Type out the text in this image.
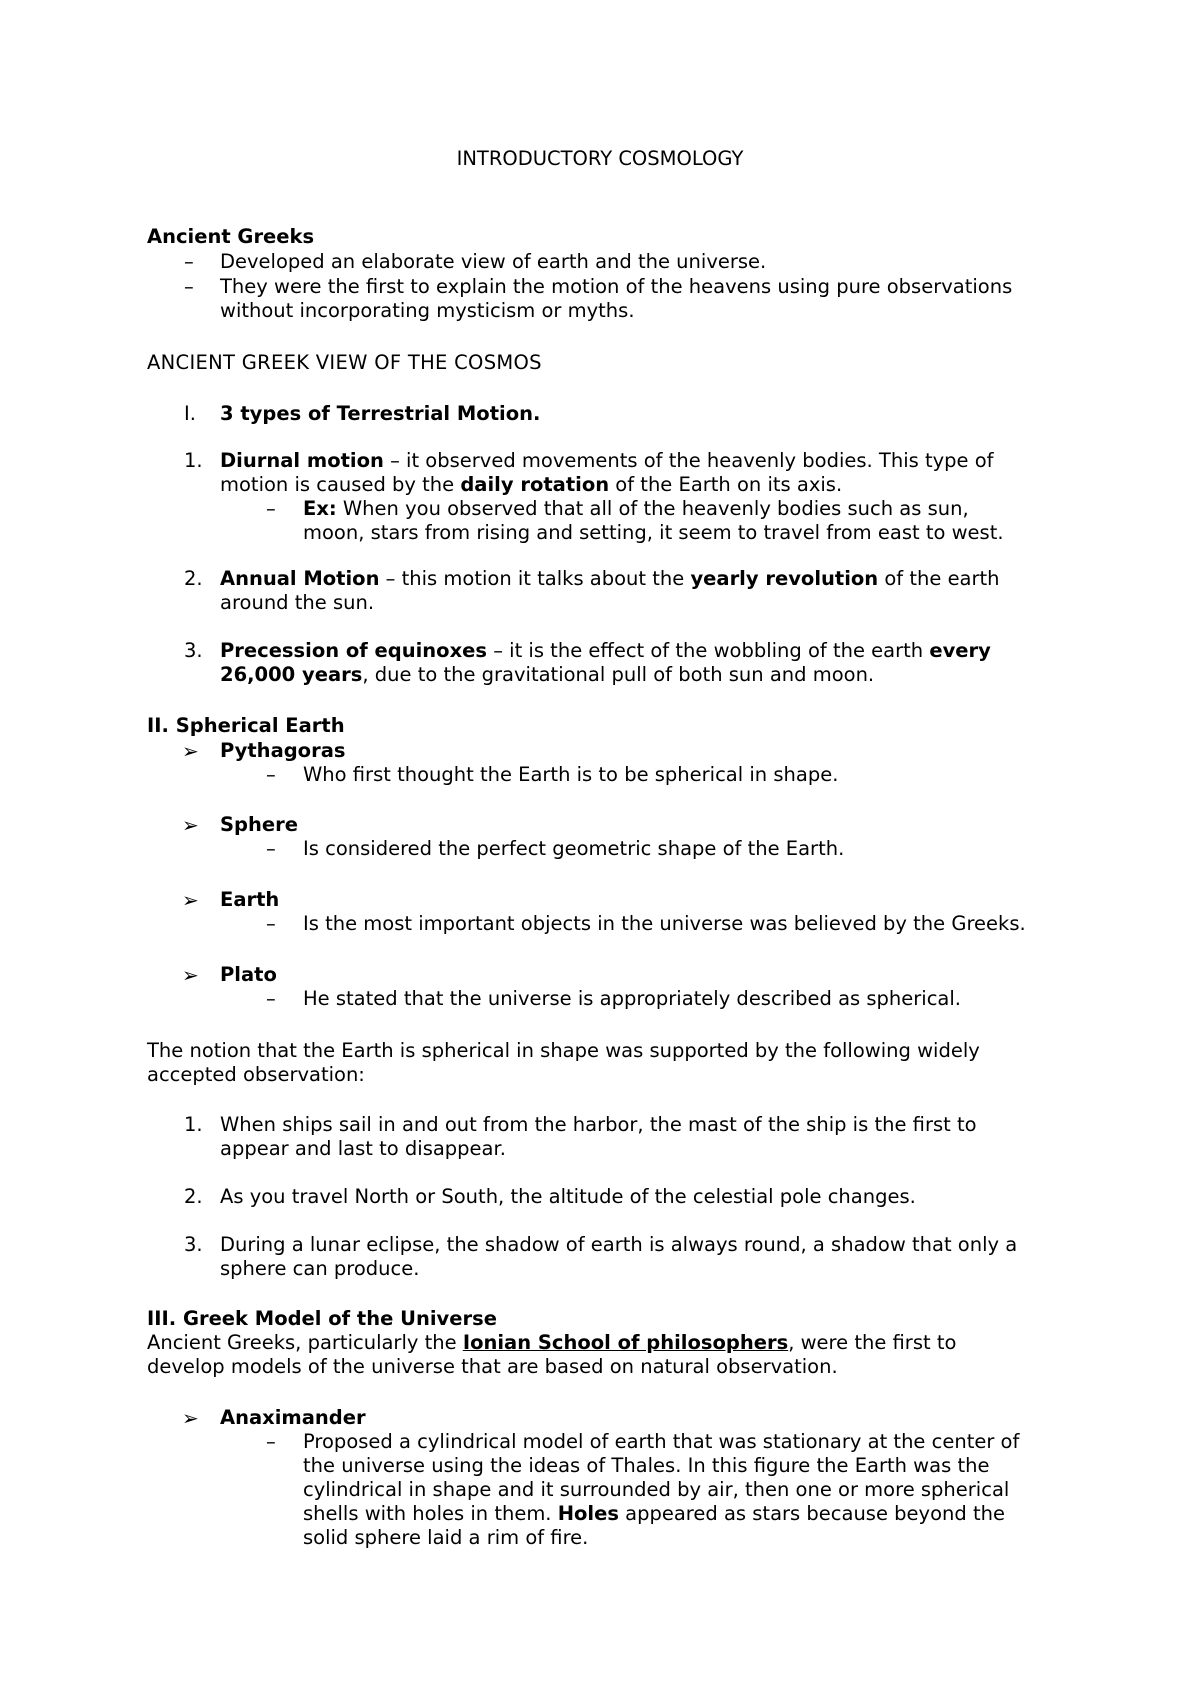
INTRODUCTORY COSMOLOGY
Ancient Greeks
– Developed an elaborate view of earth and the universe.
– They were the first to explain the motion of the heavens using pure observations
without incorporating mysticism or myths.
ANCIENT GREEK VIEW OF THE COSMOS
I. 3 types of Terrestrial Motion.
1. Diurnal motion – it observed movements of the heavenly bodies. This type of
motion is caused by the daily rotation of the Earth on its axis.
– Ex: When you observed that all of the heavenly bodies such as sun,
moon, stars from rising and setting, it seem to travel from east to west.
2. Annual Motion – this motion it talks about the yearly revolution of the earth
around the sun.
3. Precession of equinoxes – it is the effect of the wobbling of the earth every
26,000 years, due to the gravitational pull of both sun and moon.
II. Spherical Earth
➢ Pythagoras
– Who first thought the Earth is to be spherical in shape.
➢ Sphere
– Is considered the perfect geometric shape of the Earth.
➢ Earth
– Is the most important objects in the universe was believed by the Greeks.
➢ Plato
– He stated that the universe is appropriately described as spherical.
The notion that the Earth is spherical in shape was supported by the following widely
accepted observation:
1. When ships sail in and out from the harbor, the mast of the ship is the first to
appear and last to disappear.
2. As you travel North or South, the altitude of the celestial pole changes.
3. During a lunar eclipse, the shadow of earth is always round, a shadow that only a
sphere can produce.
III. Greek Model of the Universe
Ancient Greeks, particularly the Ionian School of philosophers, were the first to
develop models of the universe that are based on natural observation.
➢ Anaximander
– Proposed a cylindrical model of earth that was stationary at the center of
the universe using the ideas of Thales. In this figure the Earth was the
cylindrical in shape and it surrounded by air, then one or more spherical
shells with holes in them. Holes appeared as stars because beyond the
solid sphere laid a rim of fire.
